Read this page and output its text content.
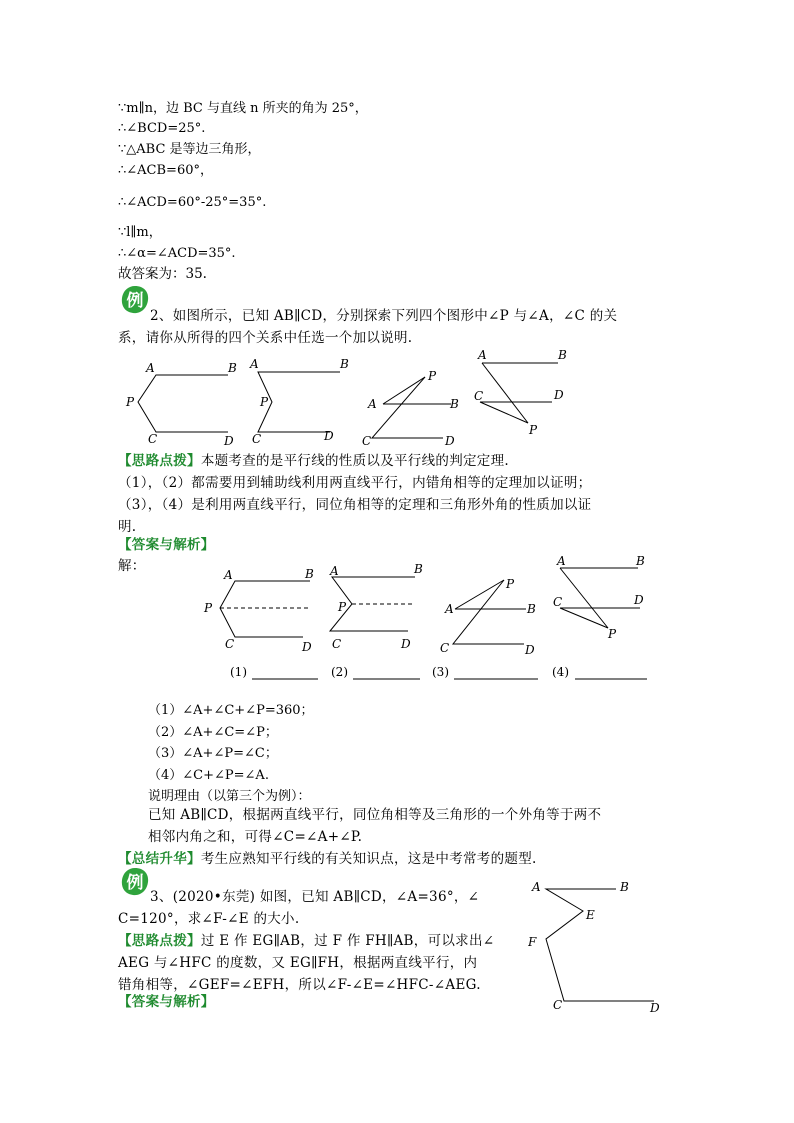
∵m∥n，边 BC 与直线 n 所夹的角为 25°，
∴∠BCD=25°.
∵△ABC 是等边三角形，
∴∠ACB=60°，
∴∠ACD=60°-25°=35°.
∵l∥m，
∴∠α=∠ACD=35°.
故答案为：35.
例
2、如图所示，已知 AB∥CD，分别探索下列四个图形中∠P 与∠A，∠C 的关
系，请你从所得的四个关系中任选一个加以说明.
A	B
P
C	D
A	B
P
C	D
A	B
P
C	D
A	B
C	D
P
【思路点拨】本题考查的是平行线的性质以及平行线的判定定理.
（1），（2）都需要用到辅助线利用两直线平行，内错角相等的定理加以证明；
（3），（4）是利用两直线平行，同位角相等的定理和三角形外角的性质加以证
明.
【答案与解析】
解：
A	B
P
C	D
A	B
P
C	D
A	B
P
C	D
A	B
C	D
P
(1)	(2)	(3)	(4)
（1）∠A+∠C+∠P=360；
（2）∠A+∠C=∠P；
（3）∠A+∠P=∠C；
（4）∠C+∠P=∠A.
说明理由（以第三个为例）：
已知 AB∥CD，根据两直线平行，同位角相等及三角形的一个外角等于两不
相邻内角之和，可得∠C=∠A+∠P.
【总结升华】考生应熟知平行线的有关知识点，这是中考常考的题型.
例
3、(2020•东莞) 如图，已知 AB∥CD，∠A=36°，∠
C=120°，求∠F-∠E 的大小.
【思路点拨】过 E 作 EG∥AB，过 F 作 FH∥AB，可以求出∠
AEG 与∠HFC 的度数，又 EG∥FH，根据两直线平行，内
错角相等，∠GEF=∠EFH，所以∠F-∠E=∠HFC-∠AEG.
【答案与解析】
A	B
E
F
C	D
